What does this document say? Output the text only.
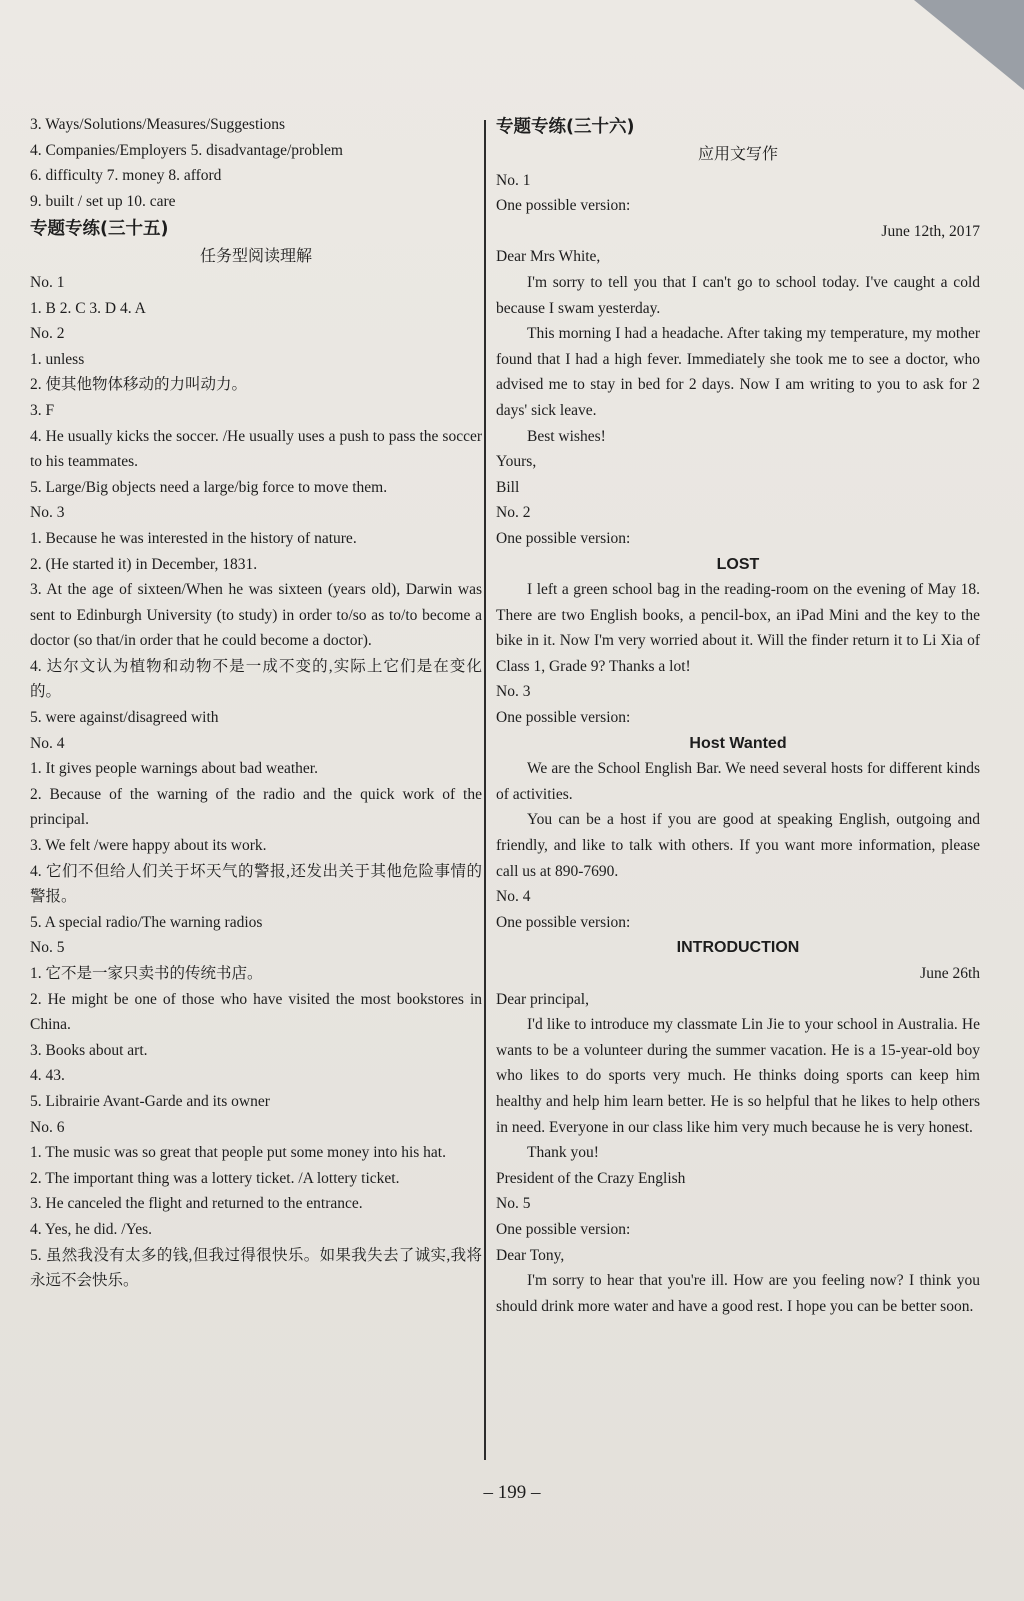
3. Ways/Solutions/Measures/Suggestions
4. Companies/Employers 5. disadvantage/problem
6. difficulty 7. money 8. afford
9. built / set up 10. care
专题专练(三十五)
任务型阅读理解
No. 1
1. B 2. C 3. D 4. A
No. 2
1. unless
2. 使其他物体移动的力叫动力。
3. F
4. He usually kicks the soccer. /He usually uses a push to pass the soccer to his teammates.
5. Large/Big objects need a large/big force to move them.
No. 3
1. Because he was interested in the history of nature.
2. (He started it) in December, 1831.
3. At the age of sixteen/When he was sixteen (years old), Darwin was sent to Edinburgh University (to study) in order to/so as to/to become a doctor (so that/in order that he could become a doctor).
4. 达尔文认为植物和动物不是一成不变的,实际上它们是在变化的。
5. were against/disagreed with
No. 4
1. It gives people warnings about bad weather.
2. Because of the warning of the radio and the quick work of the principal.
3. We felt /were happy about its work.
4. 它们不但给人们关于坏天气的警报,还发出关于其他危险事情的警报。
5. A special radio/The warning radios
No. 5
1. 它不是一家只卖书的传统书店。
2. He might be one of those who have visited the most bookstores in China.
3. Books about art.
4. 43.
5. Librairie Avant-Garde and its owner
No. 6
1. The music was so great that people put some money into his hat.
2. The important thing was a lottery ticket. /A lottery ticket.
3. He canceled the flight and returned to the entrance.
4. Yes, he did. /Yes.
5. 虽然我没有太多的钱,但我过得很快乐。如果我失去了诚实,我将永远不会快乐。
专题专练(三十六)
应用文写作
No. 1
One possible version:
June 12th, 2017
Dear Mrs White,
I'm sorry to tell you that I can't go to school today. I've caught a cold because I swam yesterday.
This morning I had a headache. After taking my temperature, my mother found that I had a high fever. Immediately she took me to see a doctor, who advised me to stay in bed for 2 days. Now I am writing to you to ask for 2 days' sick leave.
Best wishes!
Yours,
Bill
No. 2
One possible version:
LOST
I left a green school bag in the reading-room on the evening of May 18. There are two English books, a pencil-box, an iPad Mini and the key to the bike in it. Now I'm very worried about it. Will the finder return it to Li Xia of Class 1, Grade 9? Thanks a lot!
No. 3
One possible version:
Host Wanted
We are the School English Bar. We need several hosts for different kinds of activities.
You can be a host if you are good at speaking English, outgoing and friendly, and like to talk with others. If you want more information, please call us at 890-7690.
No. 4
One possible version:
INTRODUCTION
June 26th
Dear principal,
I'd like to introduce my classmate Lin Jie to your school in Australia. He wants to be a volunteer during the summer vacation. He is a 15-year-old boy who likes to do sports very much. He thinks doing sports can keep him healthy and help him learn better. He is so helpful that he likes to help others in need. Everyone in our class like him very much because he is very honest.
Thank you!
President of the Crazy English
No. 5
One possible version:
Dear Tony,
I'm sorry to hear that you're ill. How are you feeling now? I think you should drink more water and have a good rest. I hope you can be better soon.
– 199 –
